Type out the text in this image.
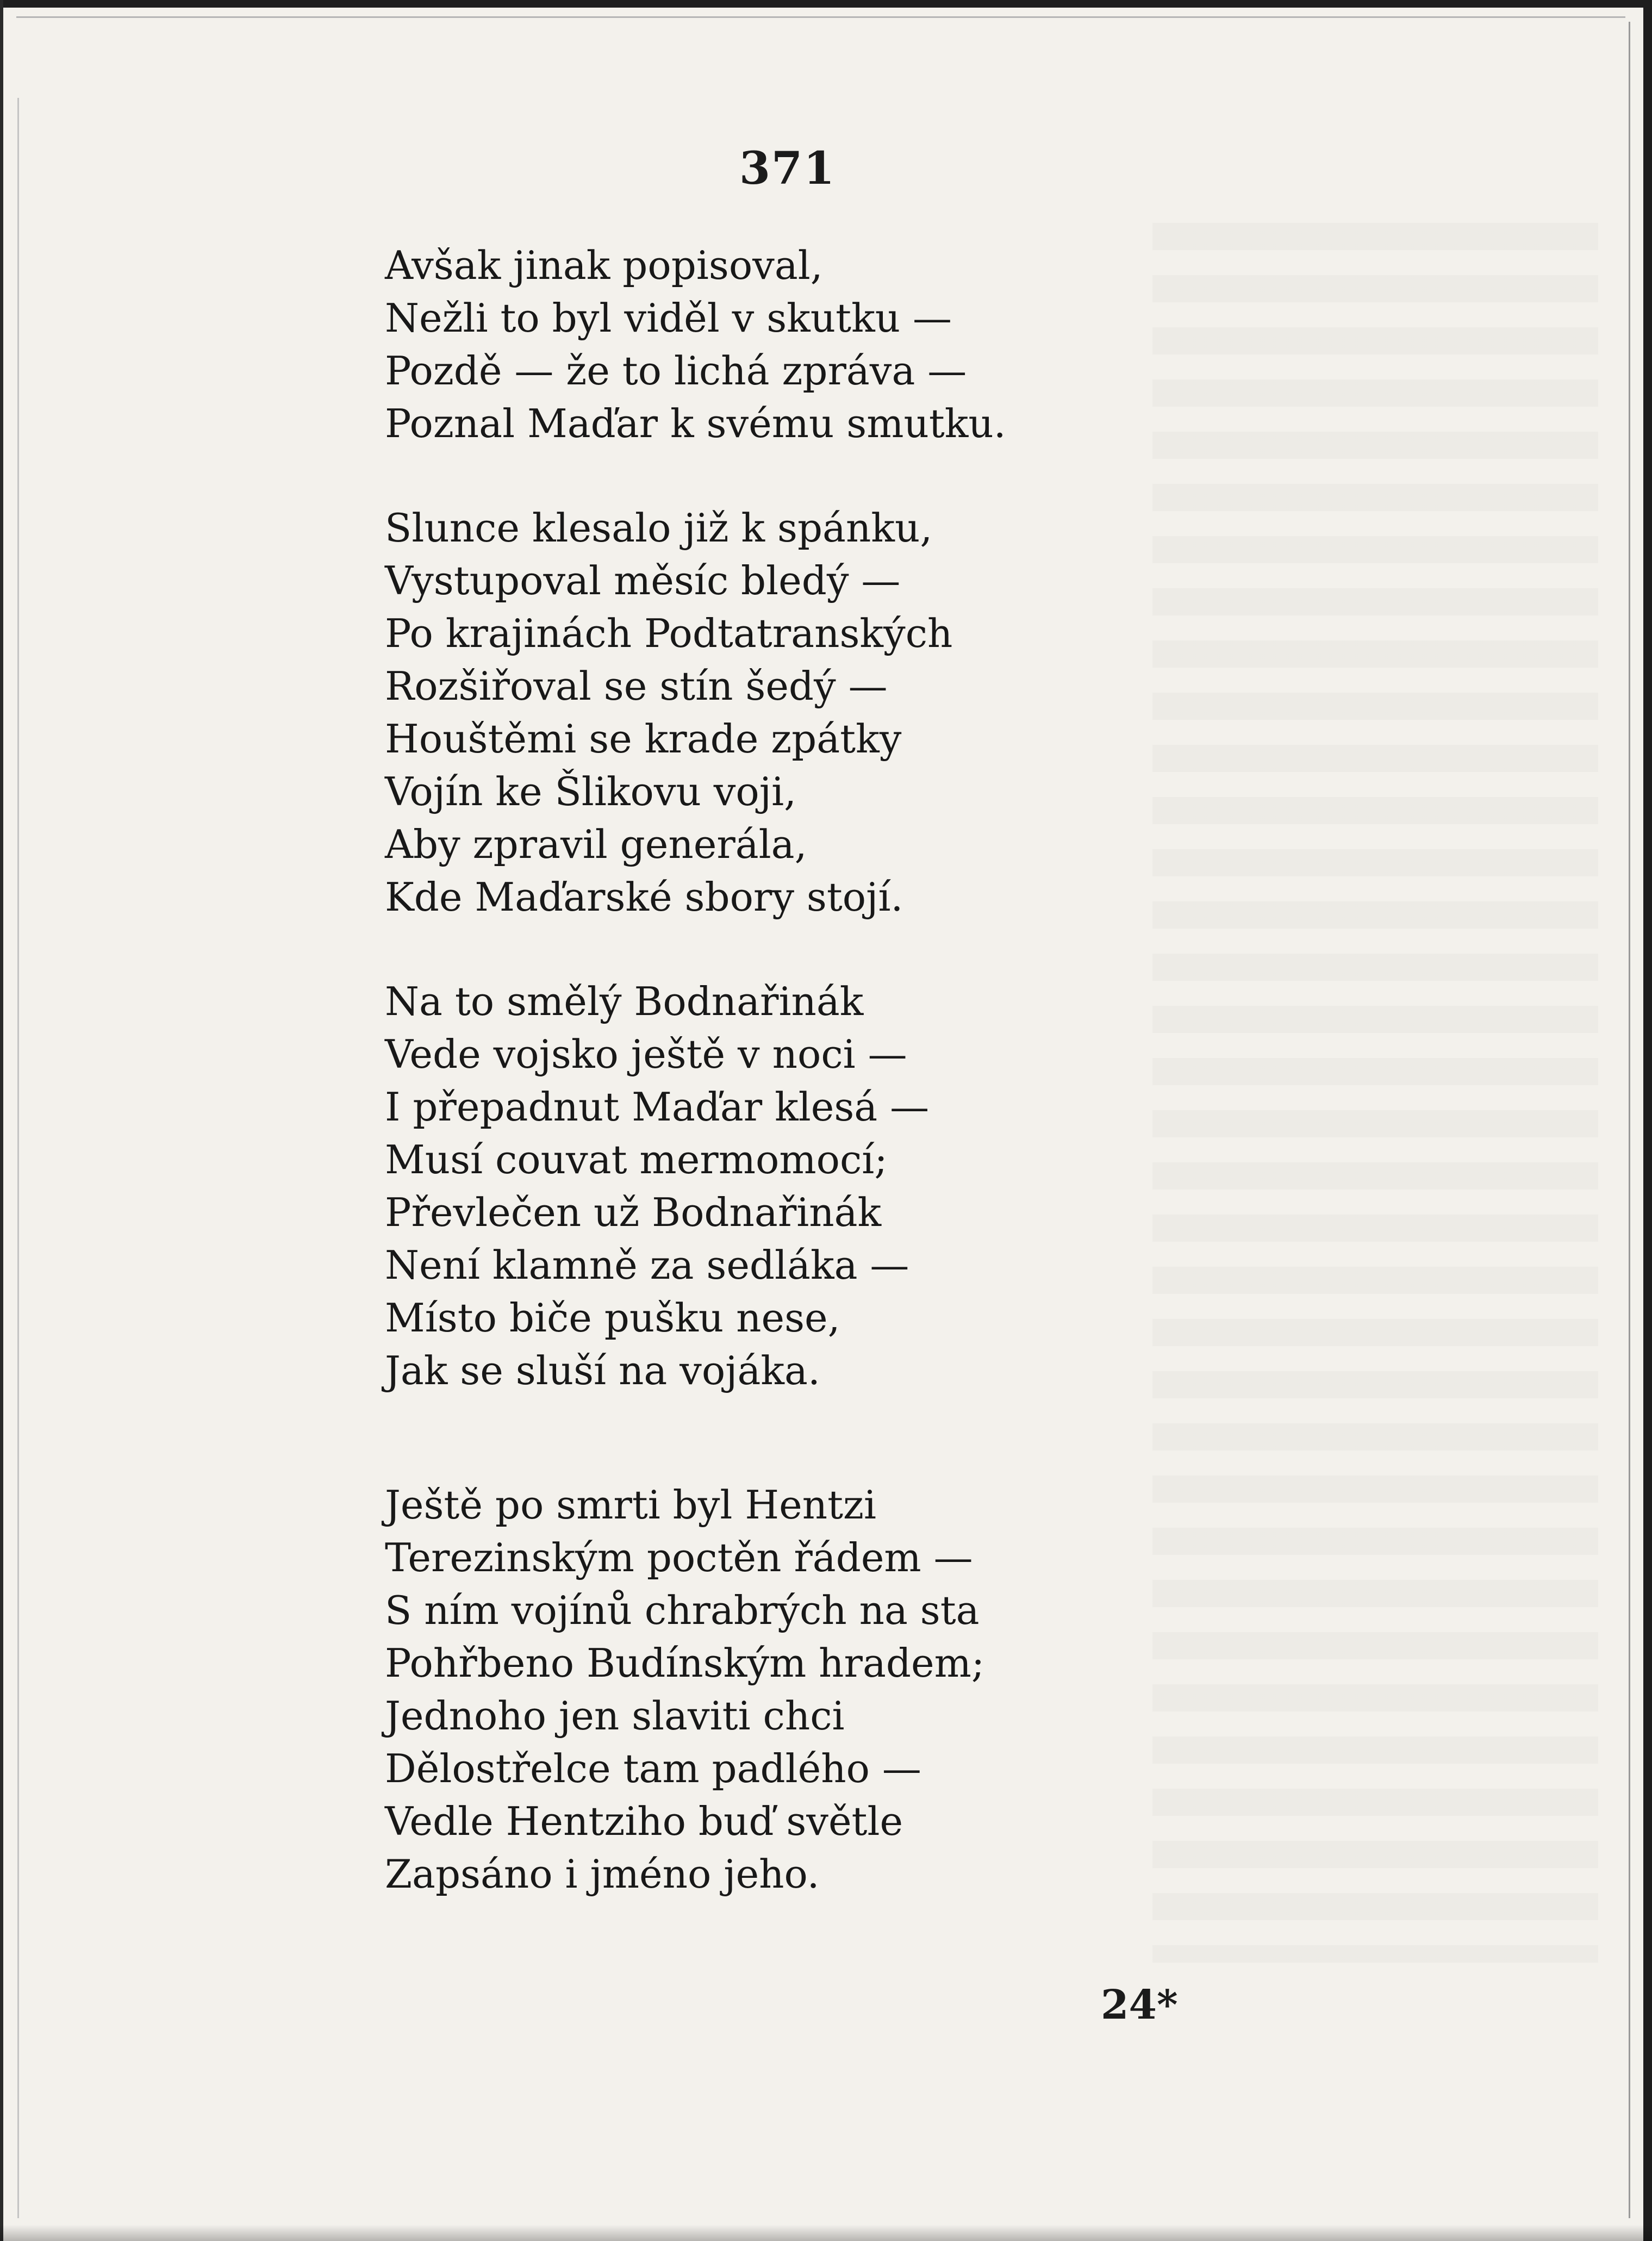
371
Avšak jinak popisoval,
Nežli to byl viděl v skutku —
Pozdě — že to lichá zpráva —
Poznal Maďar k svému smutku.
Slunce klesalo již k spánku,
Vystupoval měsíc bledý —
Po krajinách Podtatranských
Rozšiřoval se stín šedý —
Houštěmi se krade zpátky
Vojín ke Šlikovu voji,
Aby zpravil generála,
Kde Maďarské sbory stojí.
Na to smělý Bodnařinák
Vede vojsko ještě v noci —
I přepadnut Maďar klesá —
Musí couvat mermomocí;
Převlečen už Bodnařinák
Není klamně za sedláka —
Místo biče pušku nese,
Jak se sluší na vojáka.
Ještě po smrti byl Hentzi
Terezinským poctěn řádem —
S ním vojínů chrabrých na sta
Pohřbeno Budínským hradem;
Jednoho jen slaviti chci
Dělostřelce tam padlého —
Vedle Hentziho buď světle
Zapsáno i jméno jeho.
24*
